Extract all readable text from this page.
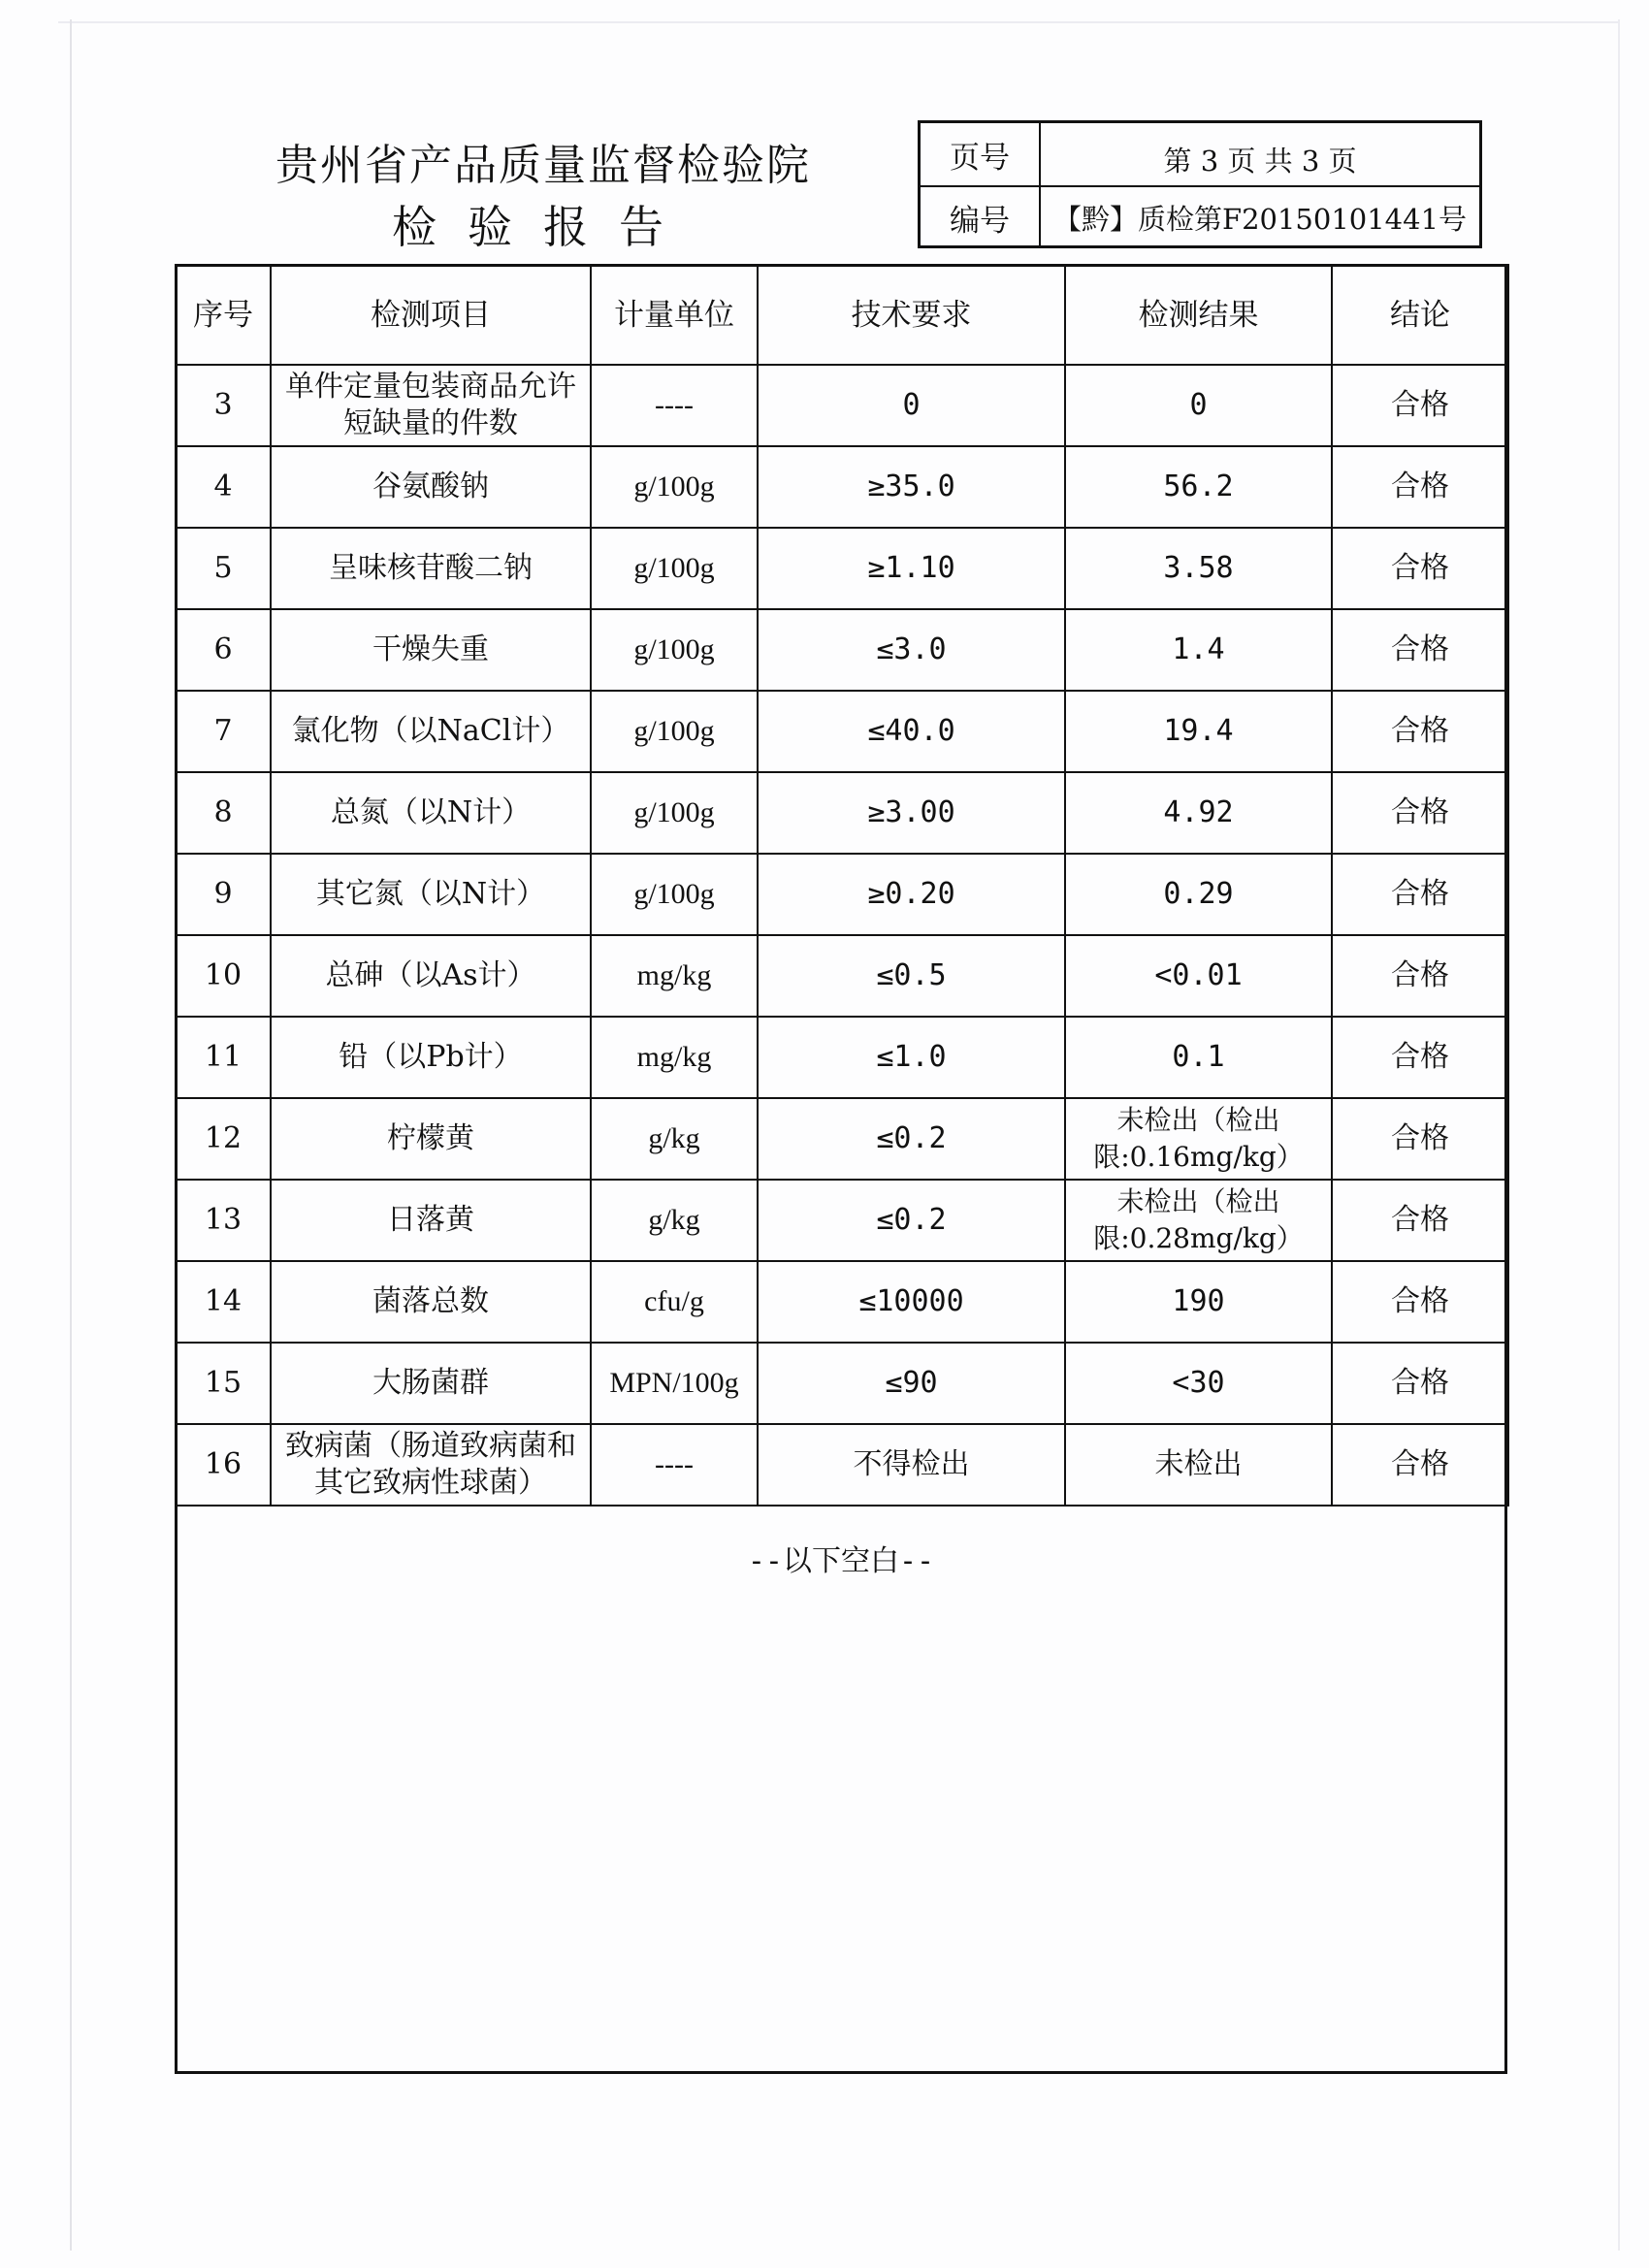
贵州省产品质量监督检验院
检验报告
页号	第 3 页 共 3 页
编号	【黔】质检第F20150101441号
序号	检测项目	计量单位	技术要求	检测结果	结论
3	单件定量包装商品允许短缺量的件数	----	0	0	合格
4	谷氨酸钠	g/100g	≥35.0	56.2	合格
5	呈味核苷酸二钠	g/100g	≥1.10	3.58	合格
6	干燥失重	g/100g	≤3.0	1.4	合格
7	氯化物（以NaCl计）	g/100g	≤40.0	19.4	合格
8	总氮（以N计）	g/100g	≥3.00	4.92	合格
9	其它氮（以N计）	g/100g	≥0.20	0.29	合格
10	总砷（以As计）	mg/kg	≤0.5	<0.01	合格
11	铅（以Pb计）	mg/kg	≤1.0	0.1	合格
12	柠檬黄	g/kg	≤0.2	未检出（检出限:0.16mg/kg）	合格
13	日落黄	g/kg	≤0.2	未检出（检出限:0.28mg/kg）	合格
14	菌落总数	cfu/g	≤10000	190	合格
15	大肠菌群	MPN/100g	≤90	<30	合格
16	致病菌（肠道致病菌和其它致病性球菌）	----	不得检出	未检出	合格
--以下空白--
